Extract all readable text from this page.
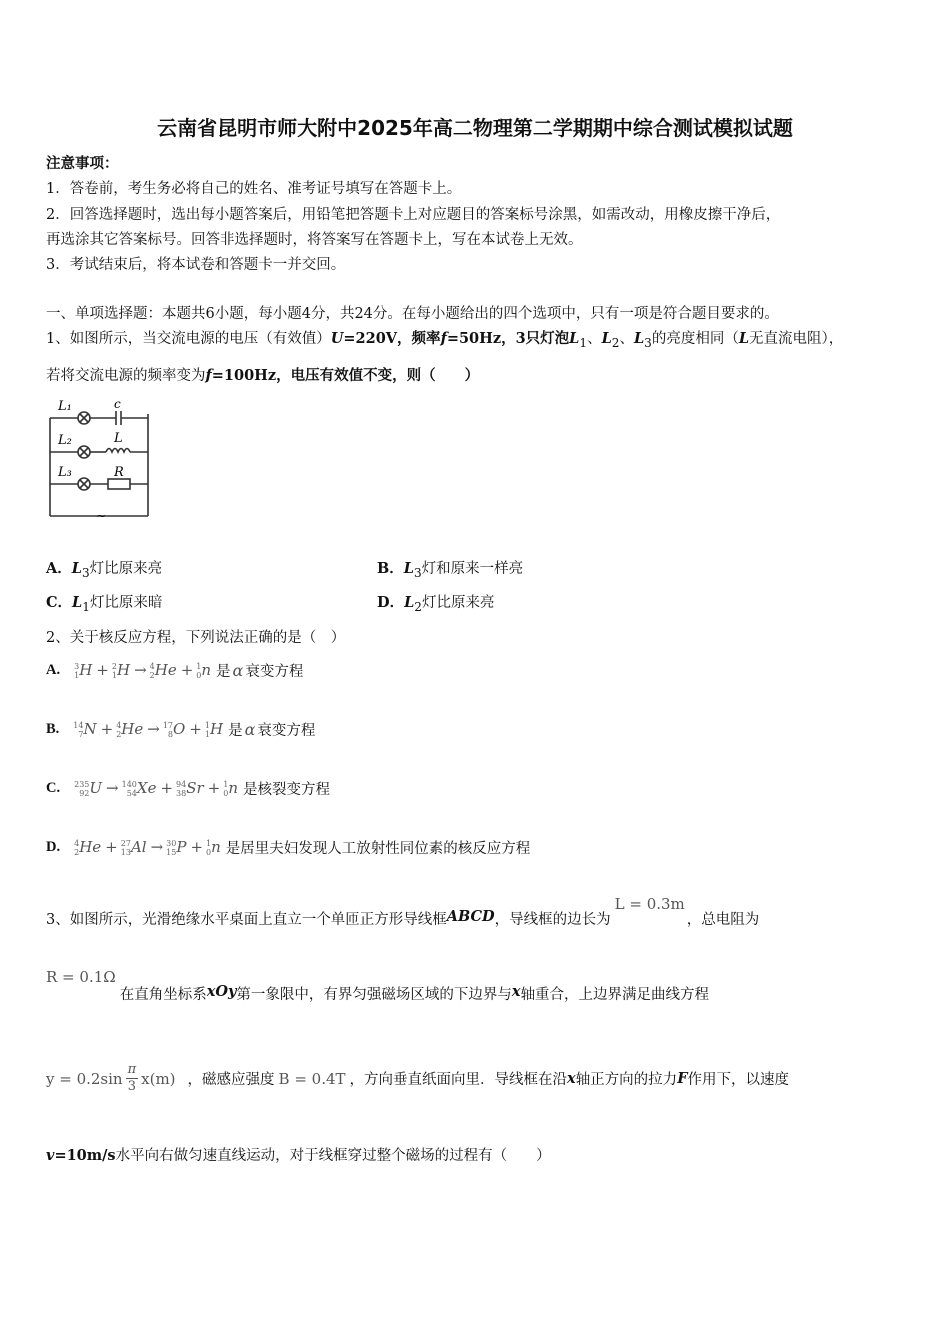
云南省昆明市师大附中2025年高二物理第二学期期中综合测试模拟试题
注意事项：
1．答卷前，考生务必将自己的姓名、准考证号填写在答题卡上。
2．回答选择题时，选出每小题答案后，用铅笔把答题卡上对应题目的答案标号涂黑，如需改动，用橡皮擦干净后，
再选涂其它答案标号。回答非选择题时，将答案写在答题卡上，写在本试卷上无效。
3．考试结束后，将本试卷和答题卡一并交回。
一、单项选择题：本题共6小题，每小题4分，共24分。在每小题给出的四个选项中，只有一项是符合题目要求的。
1、如图所示，当交流电源的电压（有效值）U=220V，频率f=50Hz，3只灯泡$L_1$、$L_2$、$L_3$的亮度相同（L无直流电阻），
若将交流电源的频率变为f=100Hz，电压有效值不变，则（　　）
L₁	c
L₂	L
L₃	R
~
A．$L_3$灯比原来亮	B．$L_3$灯和原来一样亮
C．$L_1$灯比原来暗	D．$L_2$灯比原来亮
2、关于核反应方程，下列说法正确的是（　）
A. 3
1 H + 2
1 H → 4
2 He + 1
0 n 是 α 衰变方程
B. 14
7 N + 4
2 He → 17
8 O + 1
1 H 是 α 衰变方程
C. 235
92 U → 140
54 Xe + 94
38 Sr + 1
0 n 是核裂变方程
D. 4
2 He + 27
13 Al → 30
15 P + 1
0 n 是居里夫妇发现人工放射性同位素的核反应方程
3、如图所示，光滑绝缘水平桌面上直立一个单匝正方形导线框 ABCD ，导线框的边长为
L = 0.3m
，总电阻为
R = 0.1Ω
在直角坐标系 xOy 第一象限中，有界匀强磁场区域的下边界与 x 轴重合，上边界满足曲线方程
y = 0.2sin π
3 x(m) ，磁感应强度 B = 0.4T ，方向垂直纸面向里．导线框在沿 x 轴正方向的拉力 F 作用下，以速度
v=10m/s水平向右做匀速直线运动，对于线框穿过整个磁场的过程有（　　）
